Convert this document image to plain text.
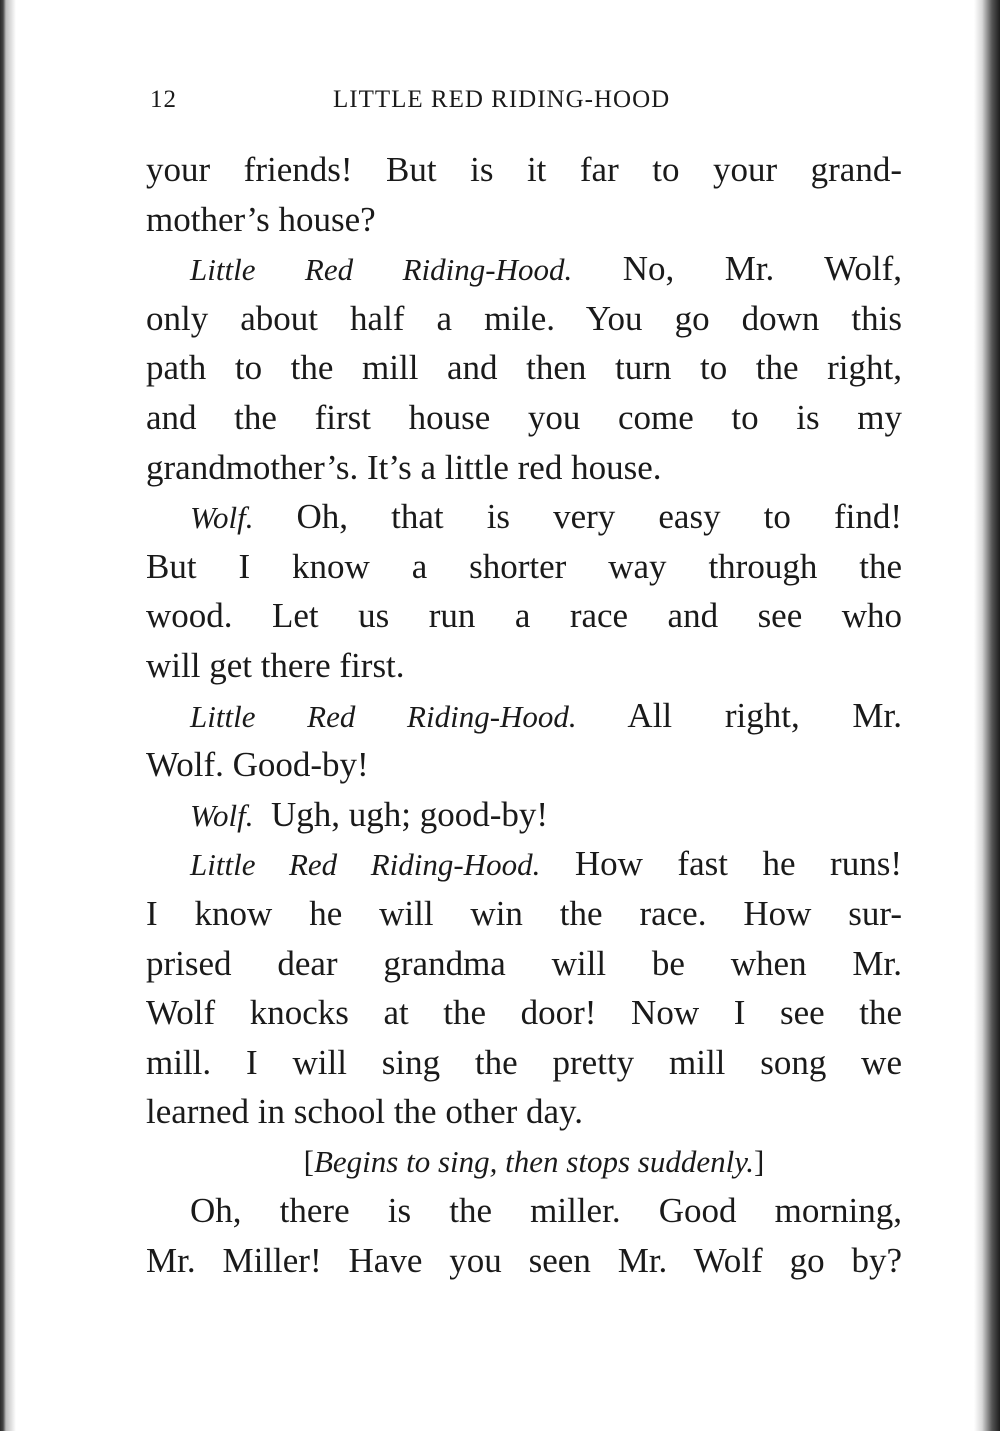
12	LITTLE RED RIDING-HOOD
your friends! But is it far to your grand-
mother’s house?
Little Red Riding-Hood. No, Mr. Wolf,
only about half a mile. You go down this
path to the mill and then turn to the right,
and the first house you come to is my
grandmother’s. It’s a little red house.
Wolf. Oh, that is very easy to find!
But I know a shorter way through the
wood. Let us run a race and see who
will get there first.
Little Red Riding-Hood. All right, Mr.
Wolf. Good-by!
Wolf. Ugh, ugh; good-by!
Little Red Riding-Hood. How fast he runs!
I know he will win the race. How sur-
prised dear grandma will be when Mr.
Wolf knocks at the door! Now I see the
mill. I will sing the pretty mill song we
learned in school the other day.
[Begins to sing, then stops suddenly.]
Oh, there is the miller. Good morning,
Mr. Miller! Have you seen Mr. Wolf go by?
